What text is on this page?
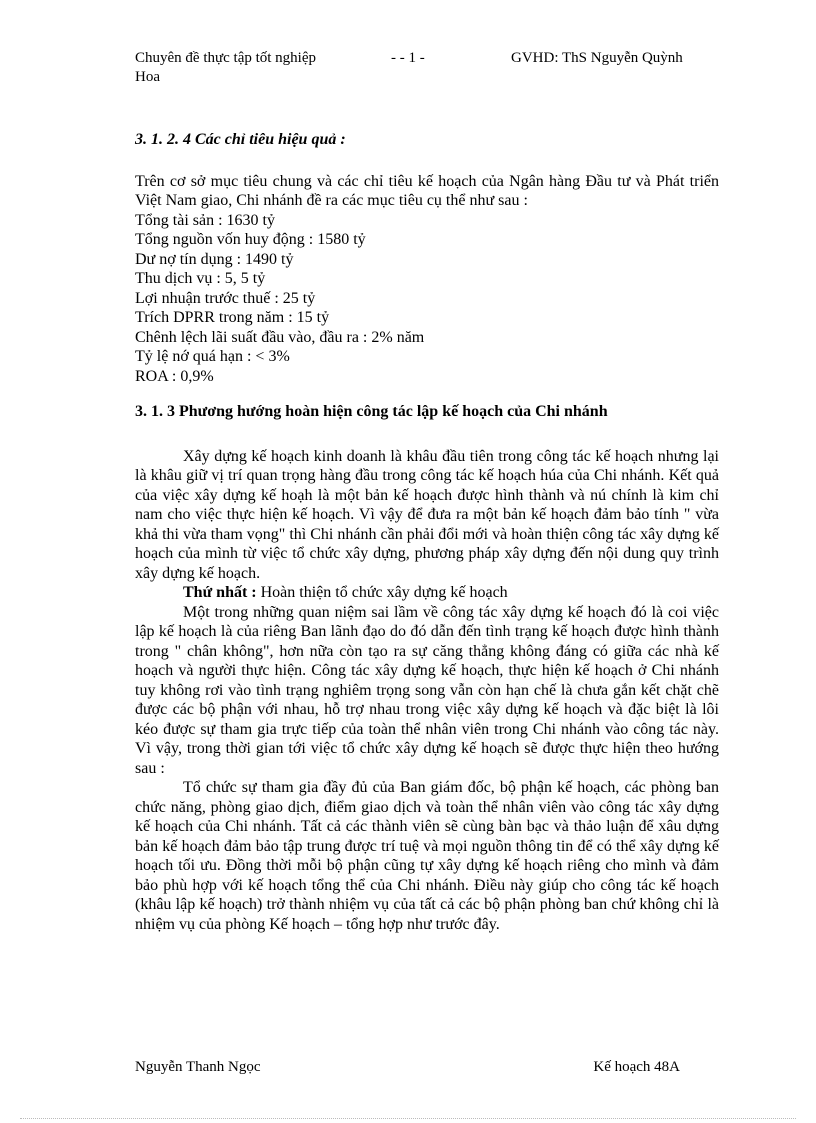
Chuyên đề thực tập tốt nghiệp	- - 1 -	GVHD: ThS Nguyễn Quỳnh
Hoa

3. 1. 2. 4 Các chỉ tiêu hiệu quả :

Trên cơ sở mục tiêu chung và các chỉ tiêu kế hoạch của Ngân hàng Đầu tư và Phát triển Việt Nam giao, Chi nhánh đề ra các mục tiêu cụ thể như sau :

Tổng tài sản : 1630 tỷ
Tổng nguồn vốn huy động : 1580 tỷ
Dư nợ tín dụng : 1490 tỷ
Thu dịch vụ : 5, 5 tỷ
Lợi nhuận trước thuế : 25 tỷ
Trích DPRR trong năm : 15 tỷ
Chênh lệch lãi suất đầu vào, đầu ra : 2% năm
Tỷ lệ nớ quá hạn : < 3%
ROA : 0,9%

3. 1. 3 Phương hướng hoàn hiện công tác lập kế hoạch của Chi nhánh

Xây dựng kế hoạch kinh doanh là khâu đầu tiên trong công tác kế hoạch nhưng lại là khâu giữ vị trí quan trọng hàng đầu trong công tác kế hoạch húa của Chi nhánh. Kết quả của việc xây dựng kế hoạh là một bản kế hoạch được hình thành và nú chính là kim chỉ nam cho việc thực hiện kế hoạch. Vì vậy để đưa ra một bản kế hoạch đảm bảo tính " vừa khả thi vừa tham vọng" thì Chi nhánh cần phải đổi mới và hoàn thiện công tác xây dựng kế hoạch của mình từ việc tổ chức xây dựng, phương pháp xây dựng đến nội dung quy trình xây dựng kế hoạch.

Thứ nhất : Hoàn thiện tổ chức xây dựng kế hoạch

Một trong những quan niệm sai lầm về công tác xây dựng kế hoạch đó là coi việc lập kế hoạch là của riêng Ban lãnh đạo do đó dẫn đến tình trạng kế hoạch được hình thành trong " chân không", hơn nữa còn tạo ra sự căng thẳng không đáng có giữa các nhà kế hoạch và người thực hiện. Công tác xây dựng kế hoạch, thực hiện kế hoạch ở Chi nhánh tuy không rơi vào tình trạng nghiêm trọng song vẫn còn hạn chế là chưa gắn kết chặt chẽ được các bộ phận với nhau, hỗ trợ nhau trong việc xây dựng kế hoạch và đặc biệt là lôi kéo được sự tham gia trực tiếp của toàn thể nhân viên trong Chi nhánh vào công tác này. Vì vậy, trong thời gian tới việc tổ chức xây dựng kế hoạch sẽ được thực hiện theo hướng sau :

Tổ chức sự tham gia đầy đủ của Ban giám đốc, bộ phận kế hoạch, các phòng ban chức năng, phòng giao dịch, điểm giao dịch và toàn thể nhân viên vào công tác xây dựng kế hoạch của Chi nhánh. Tất cả các thành viên sẽ cùng bàn bạc và thảo luận để xâu dựng bản kế hoạch đảm bảo tập trung được trí tuệ và mọi nguồn thông tin để có thể xây dựng kế hoạch tối ưu. Đồng thời mỗi bộ phận cũng tự xây dựng kế hoạch riêng cho mình và đảm bảo phù hợp với kế hoạch tổng thể của Chi nhánh. Điều này giúp cho công tác kế hoạch (khâu lập kế hoạch) trở thành nhiệm vụ của tất cả các bộ phận phòng ban chứ không chỉ là nhiệm vụ của phòng Kế hoạch – tổng hợp như trước đây.

Nguyễn Thanh Ngọc	Kế hoạch 48A
